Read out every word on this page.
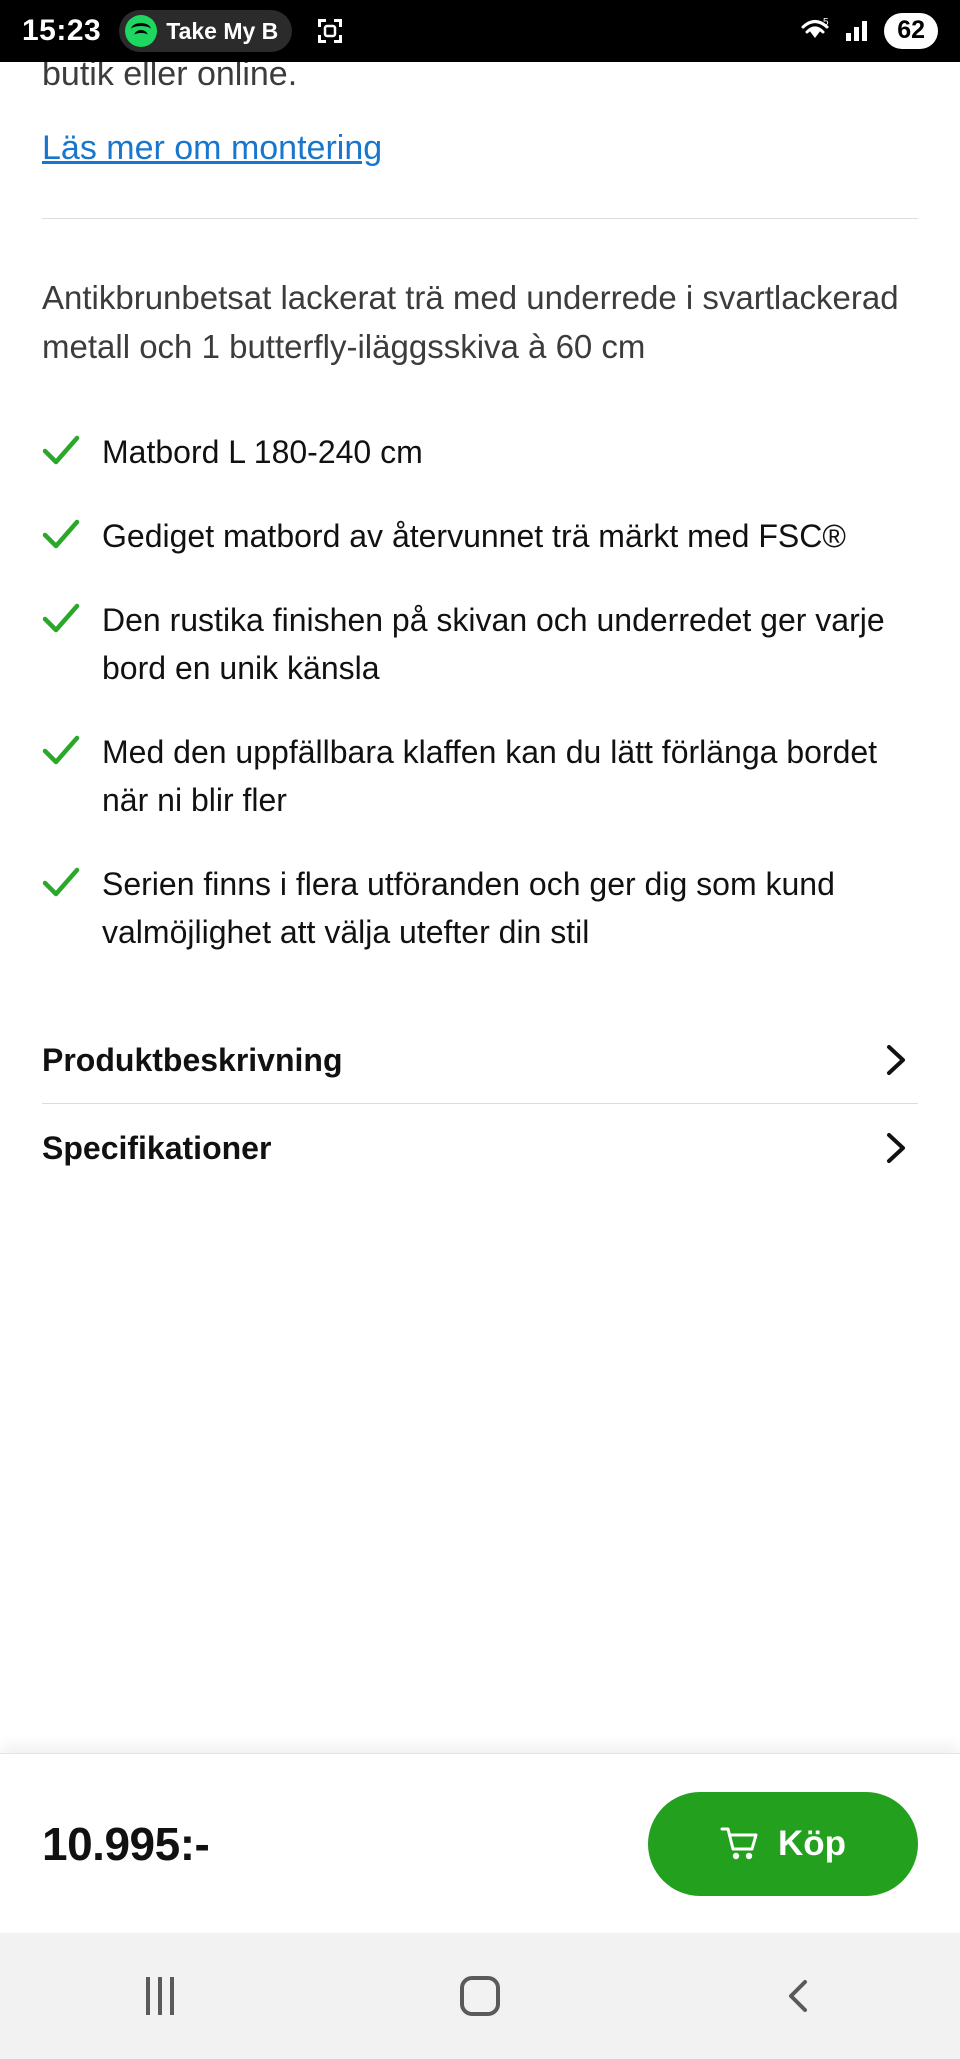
15:23	Take My B	5	62
butik eller online.
Läs mer om montering
Antikbrunbetsat lackerat trä med underrede i svartlackerad metall och 1 butterfly-iläggsskiva à 60 cm
Matbord L 180-240 cm
Gediget matbord av återvunnet trä märkt med FSC®
Den rustika finishen på skivan och underredet ger varje bord en unik känsla
Med den uppfällbara klaffen kan du lätt förlänga bordet när ni blir fler
Serien finns i flera utföranden och ger dig som kund valmöjlighet att välja utefter din stil
Produktbeskrivning
Specifikationer
10.995:-	Köp
